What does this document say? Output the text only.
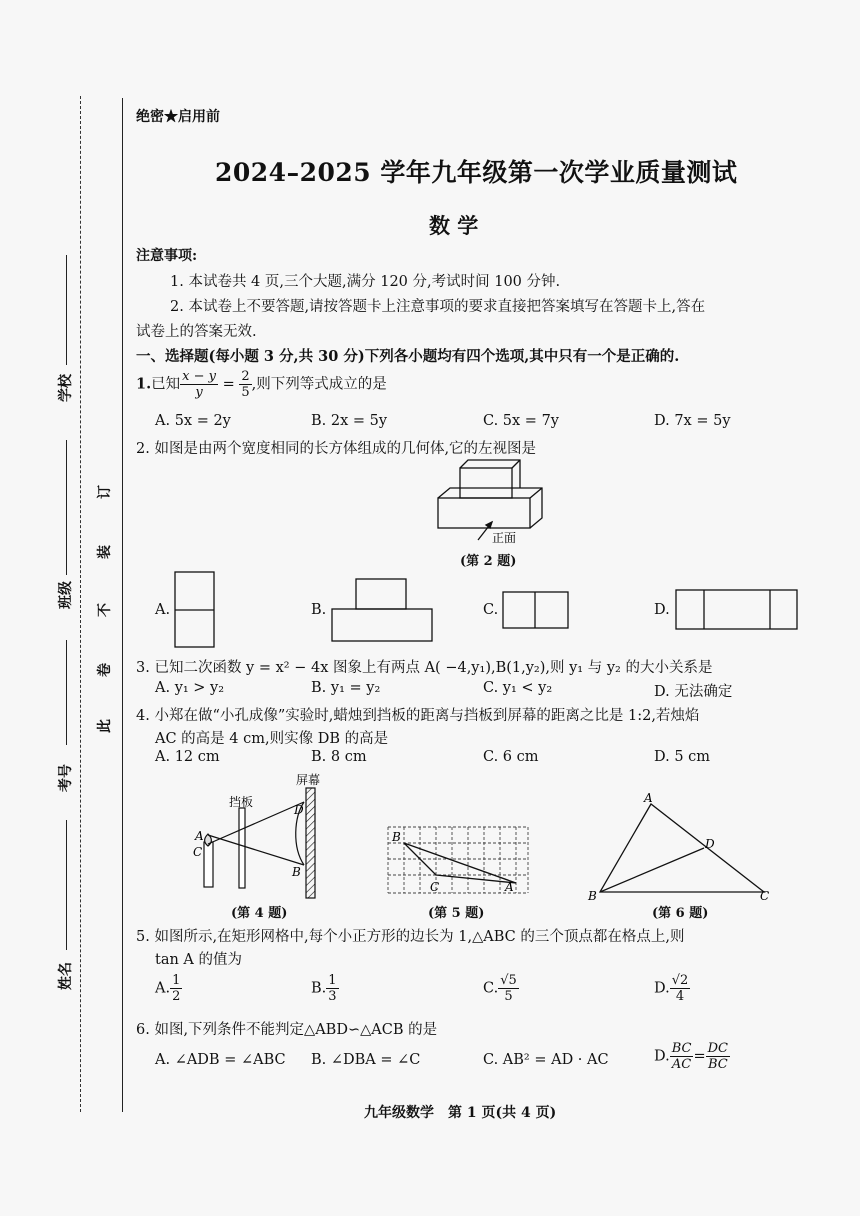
学校
班级
考号
姓名
订
装
不
卷
此
绝密★启用前
2024–2025 学年九年级第一次学业质量测试
数 学
注意事项:
1. 本试卷共 4 页,三个大题,满分 120 分,考试时间 100 分钟.
2. 本试卷上不要答题,请按答题卡上注意事项的要求直接把答案填写在答题卡上,答在
试卷上的答案无效.
一、选择题(每小题 3 分,共 30 分)下列各小题均有四个选项,其中只有一个是正确的.
1.已知 $\frac{x - y}{y} = \frac{2}{5}$ ,则下列等式成立的是
A. 5x = 2y	B. 2x = 5y	C. 5x = 7y	D. 7x = 5y
2. 如图是由两个宽度相同的长方体组成的几何体,它的左视图是
正面
(第 2 题)
A.	B.	C.	D.
3. 已知二次函数 y = x² − 4x 图象上有两点 A( −4,y₁),B(1,y₂),则 y₁ 与 y₂ 的大小关系是
A. y₁ > y₂	B. y₁ = y₂	C. y₁ < y₂	D. 无法确定
4. 小郑在做“小孔成像”实验时,蜡烛到挡板的距离与挡板到屏幕的距离之比是 1:2,若烛焰
AC 的高是 4 cm,则实像 DB 的高是
A. 12 cm	B. 8 cm	C. 6 cm	D. 5 cm
屏幕
挡板
A
C
D
B
(第 4 题)
B
C	A
(第 5 题)
A
B	C
D
(第 6 题)
5. 如图所示,在矩形网格中,每个小正方形的边长为 1,△ABC 的三个顶点都在格点上,则
tan A 的值为
A. $\frac{1}{2}$	B. $\frac{1}{3}$	C. $\frac{√5}{5}$	D. $\frac{√2}{4}$
6. 如图,下列条件不能判定△ABD∽△ACB 的是
A. ∠ADB = ∠ABC B. ∠DBA = ∠C	C. AB² = AD · AC	D. $\frac{BC}{AC} = \frac{DC}{BC}$
九年级数学　第 1 页(共 4 页)
